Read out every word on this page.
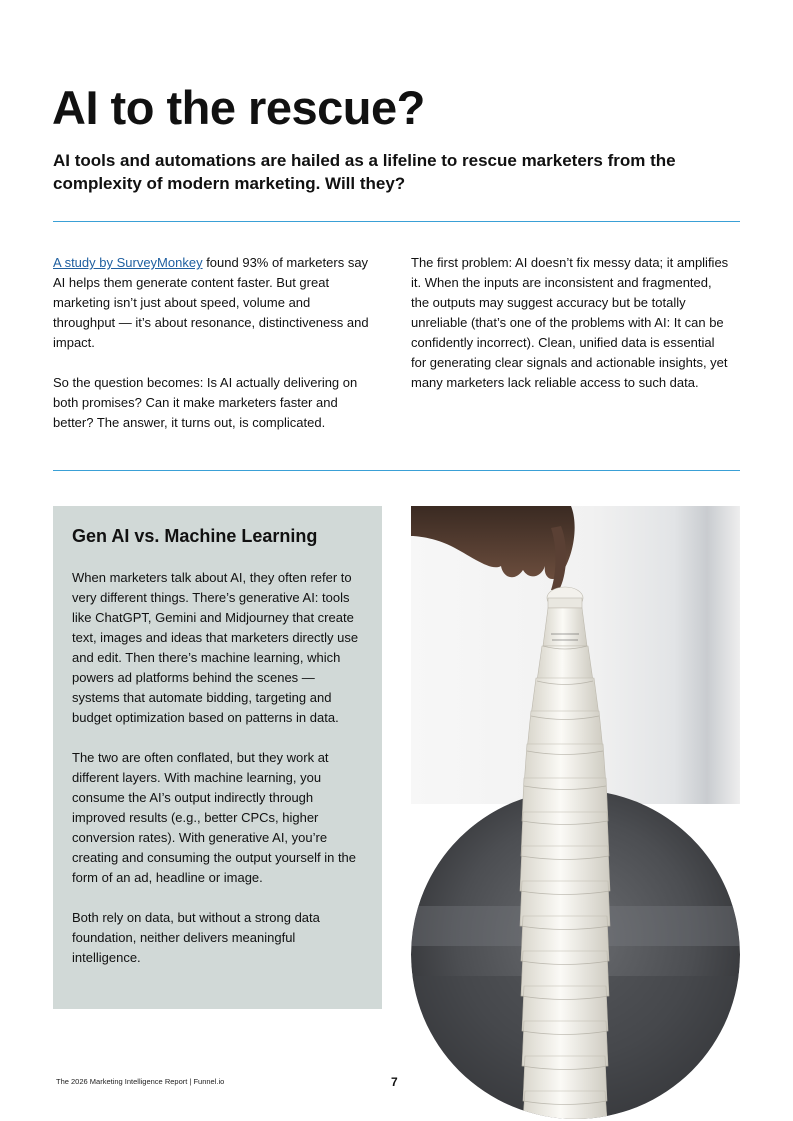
AI to the rescue?

AI tools and automations are hailed as a lifeline to rescue marketers from the complexity of modern marketing. Will they?

A study by SurveyMonkey found 93% of marketers say AI helps them generate content faster. But great marketing isn’t just about speed, volume and throughput — it’s about resonance, distinctiveness and impact.

So the question becomes: Is AI actually delivering on both promises? Can it make marketers faster and better? The answer, it turns out, is complicated.

The first problem: AI doesn’t fix messy data; it amplifies it. When the inputs are inconsistent and fragmented, the outputs may suggest accuracy but be totally unreliable (that’s one of the problems with AI: It can be confidently incorrect). Clean, unified data is essential for generating clear signals and actionable insights, yet many marketers lack reliable access to such data.

Gen AI vs. Machine Learning

When marketers talk about AI, they often refer to very different things. There’s generative AI: tools like ChatGPT, Gemini and Midjourney that create text, images and ideas that marketers directly use and edit. Then there’s machine learning, which powers ad platforms behind the scenes — systems that automate bidding, targeting and budget optimization based on patterns in data.

The two are often conflated, but they work at different layers. With machine learning, you consume the AI’s output indirectly through improved results (e.g., better CPCs, higher conversion rates). With generative AI, you’re creating and consuming the output yourself in the form of an ad, headline or image.

Both rely on data, but without a strong data foundation, neither delivers meaningful intelligence.

The 2026 Marketing Intelligence Report | Funnel.io	7
